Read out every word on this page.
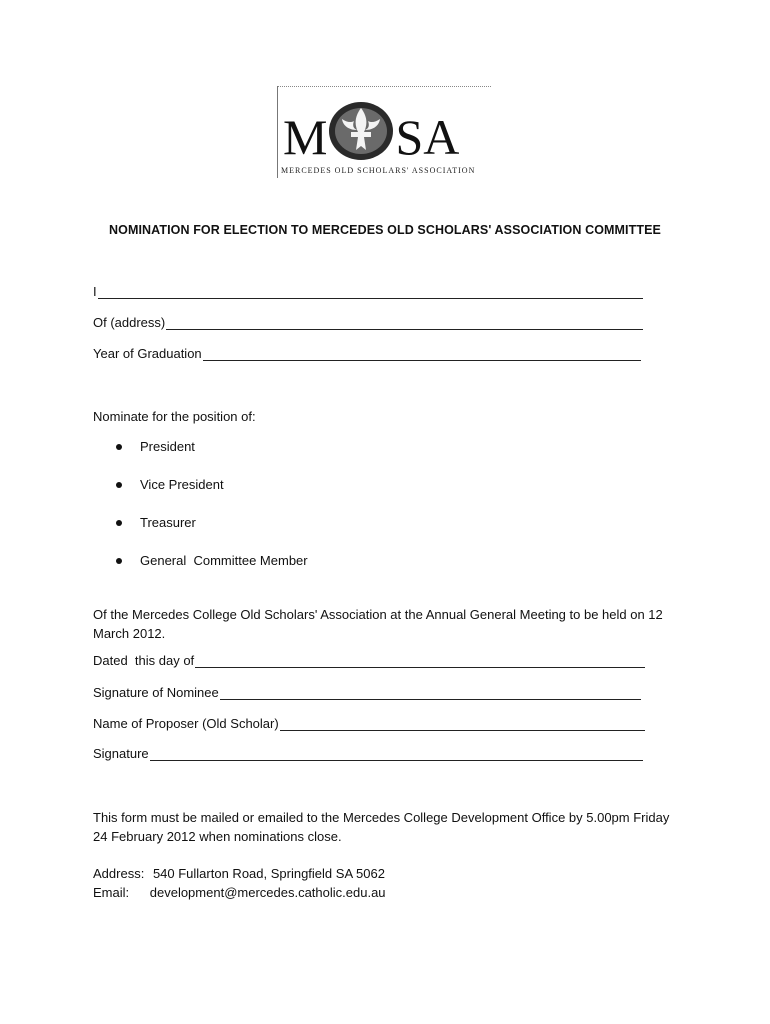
M SA
MERCEDES OLD SCHOLARS' ASSOCIATION
NOMINATION FOR ELECTION TO MERCEDES OLD SCHOLARS' ASSOCIATION COMMITTEE
I
Of (address)
Year of Graduation
Nominate for the position of:
President
Vice President
Treasurer
General  Committee Member
Of the Mercedes College Old Scholars' Association at the Annual General Meeting to be held on 12 March 2012.
Dated  this day of
Signature of Nominee
Name of Proposer (Old Scholar)
Signature
This form must be mailed or emailed to the Mercedes College Development Office by 5.00pm Friday 24 February 2012 when nominations close.
Address: 540 Fullarton Road, Springfield SA 5062
Email: development@mercedes.catholic.edu.au
